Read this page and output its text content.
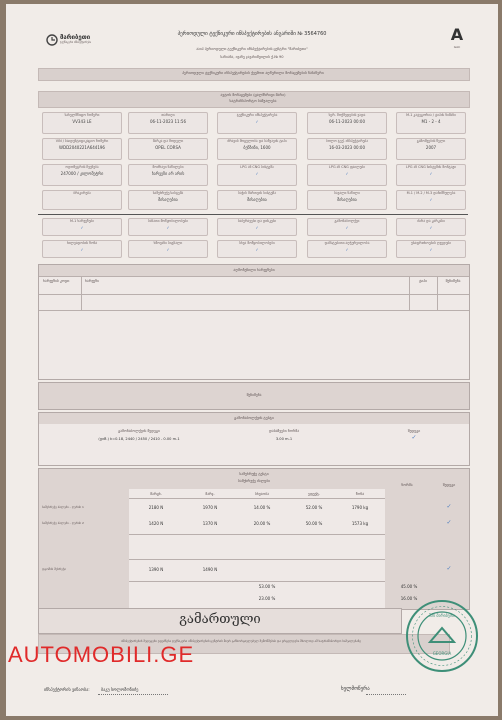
მარიბეთი
ტექნიკური ინსპექტირება
პერიოდული ტექნიკური ინსპექტირების ანგარიში № 3564760
ააიპ პერიოდული ტექნიკური ინსპექტირების ცენტრი "მარიბეთი"
სანიანა, ივანე ჯავახიშვილის ქ.№ 90
A
GAC
პერიოდული ტექნიკური ინსპექტირების ქვემოთ აღწერილი მონაცემების ჩანაწერი
ავტოს მონაცემები (ცალმხრივი მარი)
სატრანსპორტო საშუალება
სახელმწიფო ნომერი
VV343 LE
თარიღი
06-11-2023 11:56
ტექნიკური ინსპექტირება
✓
სერ. მოქმედების ვადა
06-11-2023 00:00
M-1 კატეგორია / ტიპის ნიშანი
M1 - 2 - 4
VIN / საიდენტიფიკაციო ნომერი
WDD2040221A644196
მარკა და მოდელი
OPEL CORSA
ძრავის მოცულობა და საწვავის ტიპი
ბენზინი, 1600
ბოლო ტექ. ინსპექტირება
16-03-2023 00:00
გამოშვების წელი
2007
ოდომეტრის ჩვენება
247000 / კილომეტრი
მოძრავი ნაწილები
ხარვეზი არ არის
LPG ან CNG სისტემა
✓
LPG ან CNG ფაილები
✓
LPG ან CNG სისტემის მონტაჟი
✓
ბრაკირება	სამუხრუჭე სისტემა
მისაღებია
საჭის მართვის სისტემა
მისაღებია
სავალი ნაწილი
მისაღებია
M-1 / M-2 / M-3 დანიშნულება
✓
M-1 ხარვეზები
✓
სანათი მოწყობილობები
✓
საბურავები და დისკები
✓
გამონაბოლქვი
✓
ძარა და კარკასი
✓
ხილვადობის ზონა
✓
ხმოვანი სიგნალი
✓
სხვა მოწყობილობები
✓
დამატებითი აღჭურვილობა
✓
უსაფრთხოების ღვედები
✓
აღმოჩენილი ხარვეზები
ხარვეზის კოდი	ხარვეზი	ტიპი	შენიშვნა
შენიშვნა
გამონაბოლქვის ტესტი
გამონაბოლქვის შედეგი	დასაშვები ნორმა	შედეგი
(დიზ.) k=0.18, 2440 / 2450 / 2410 - 0.00 m-1	3.00 m-1	✓
სამუხრუჭე ტესტი
სამუხრუჭე ძალები
მარცხ.	მარჯ.	სხვაობა	ეფექტ.	წონა
ნორმა	შედეგი
სამუხრუჭე ძალები - ღერძი 1	2180 N	1970 N	14.00 %	52.00 %	1790 kg	✓
სამუხრუჭე ძალები - ღერძი 2	1420 N	1370 N	20.00 %	50.00 %	1573 kg	✓
დგომის მუხრუჭი	1390 N	1490 N	✓
53.00 %	45.00 %
23.00 %	16.00 %
გამართული
ინსპექტირების შედეგები ეფუძნება ტექნიკური ინსპექტირების ცენტრის მიერ განხორციელებულ შემოწმებას და ვრცელდება მხოლოდ ამ სატრანსპორტო საშუალებაზე
AUTOMOBILI.GE
ინსპექტორის ვინაობა:	ბაკუ სოლომონიძე	ხელმოწერა
შპს მარიბეთი
GEORGIA
